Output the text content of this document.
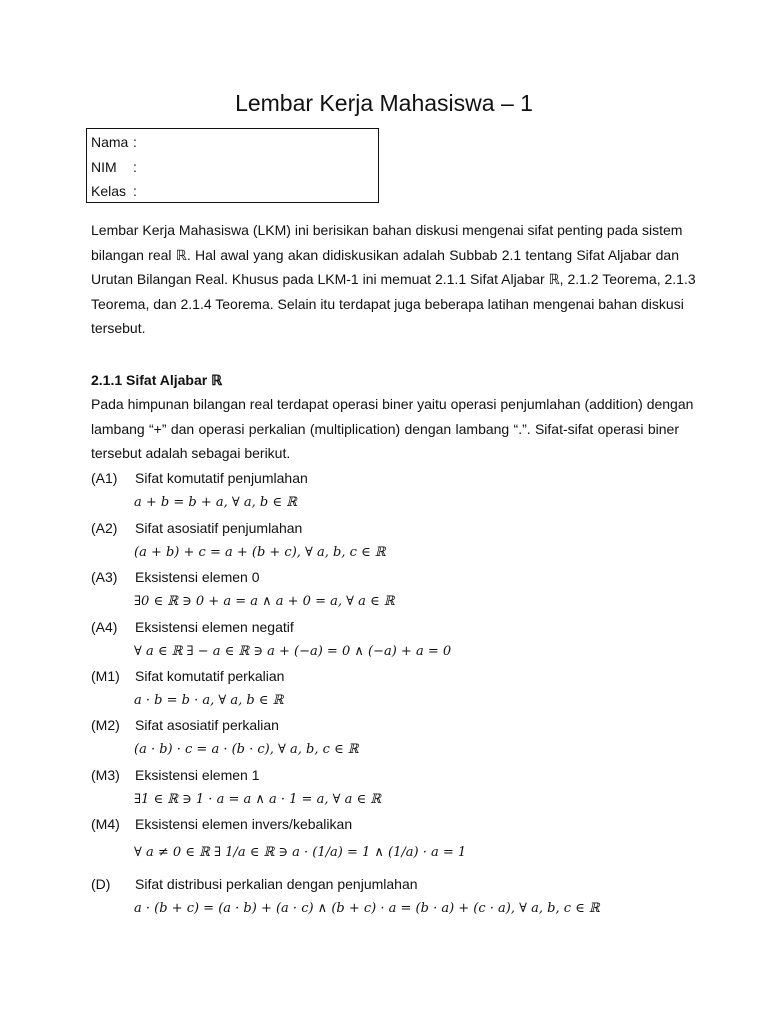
Lembar Kerja Mahasiswa – 1
Nama :
NIM :
Kelas :
Lembar Kerja Mahasiswa (LKM) ini berisikan bahan diskusi mengenai sifat penting pada sistem
bilangan real ℝ. Hal awal yang akan didiskusikan adalah Subbab 2.1 tentang Sifat Aljabar dan
Urutan Bilangan Real. Khusus pada LKM-1 ini memuat 2.1.1 Sifat Aljabar ℝ, 2.1.2 Teorema, 2.1.3
Teorema, dan 2.1.4 Teorema. Selain itu terdapat juga beberapa latihan mengenai bahan diskusi
tersebut.
2.1.1 Sifat Aljabar ℝ
Pada himpunan bilangan real terdapat operasi biner yaitu operasi penjumlahan (addition) dengan
lambang “+” dan operasi perkalian (multiplication) dengan lambang “.”. Sifat-sifat operasi biner
tersebut adalah sebagai berikut.
(A1) Sifat komutatif penjumlahan
a + b = b + a, ∀ a, b ∈ ℝ
(A2) Sifat asosiatif penjumlahan
(a + b) + c = a + (b + c), ∀ a, b, c ∈ ℝ
(A3) Eksistensi elemen 0
∃0 ∈ ℝ ∋ 0 + a = a ∧ a + 0 = a, ∀ a ∈ ℝ
(A4) Eksistensi elemen negatif
∀ a ∈ ℝ ∃ − a ∈ ℝ ∋ a + (−a) = 0 ∧ (−a) + a = 0
(M1) Sifat komutatif perkalian
a · b = b · a, ∀ a, b ∈ ℝ
(M2) Sifat asosiatif perkalian
(a · b) · c = a · (b · c), ∀ a, b, c ∈ ℝ
(M3) Eksistensi elemen 1
∃1 ∈ ℝ ∋ 1 · a = a ∧ a · 1 = a, ∀ a ∈ ℝ
(M4) Eksistensi elemen invers/kebalikan
∀ a ≠ 0 ∈ ℝ ∃ 1/a ∈ ℝ ∋ a · (1/a) = 1 ∧ (1/a) · a = 1
(D) Sifat distribusi perkalian dengan penjumlahan
a · (b + c) = (a · b) + (a · c) ∧ (b + c) · a = (b · a) + (c · a), ∀ a, b, c ∈ ℝ
